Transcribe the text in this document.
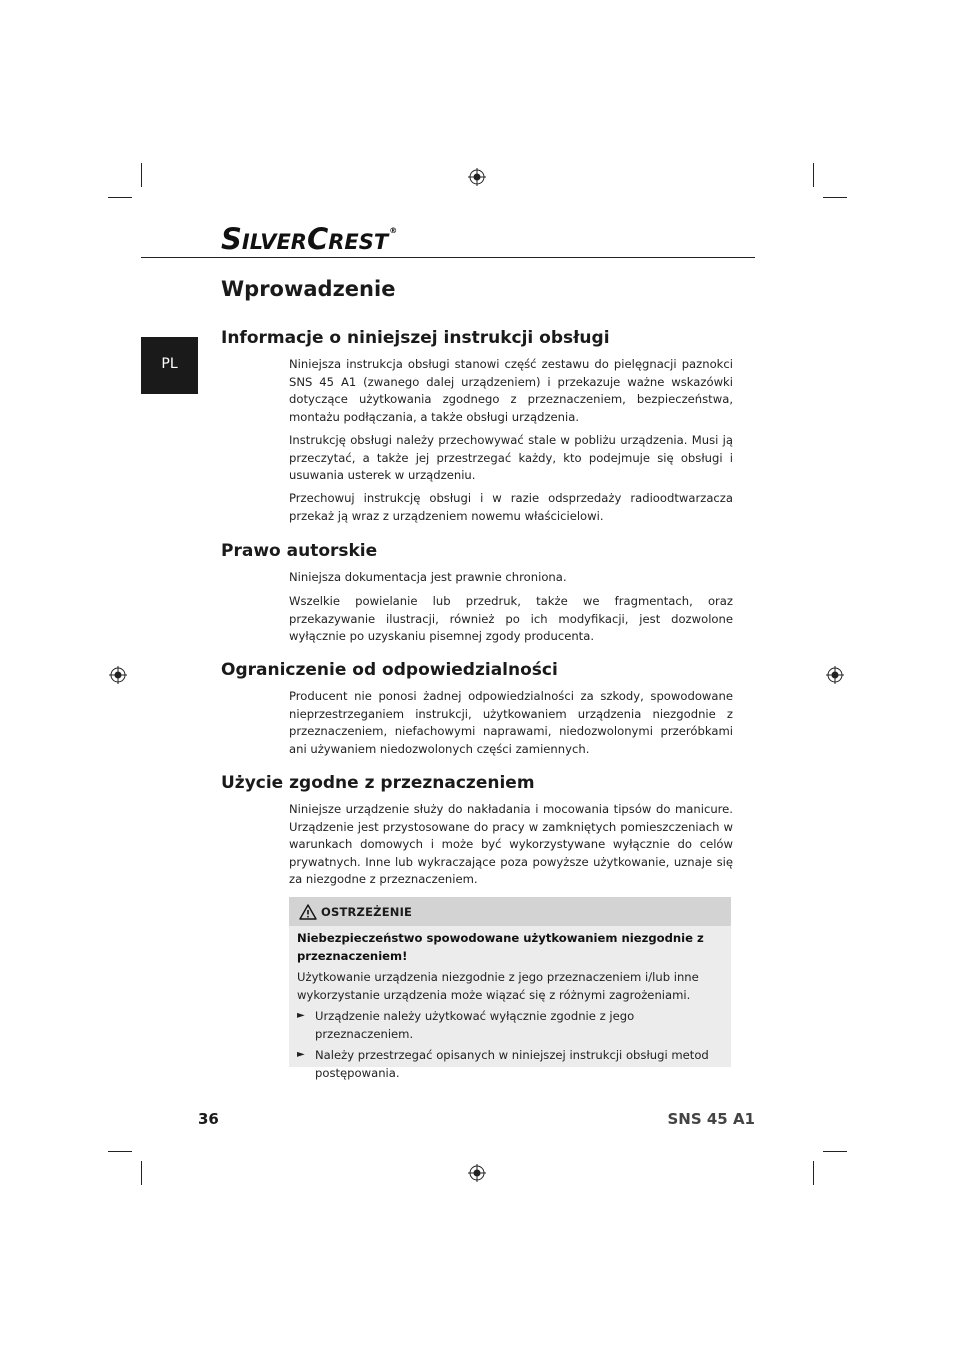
SILVERCREST®
PL
Wprowadzenie
Informacje o niniejszej instrukcji obsługi

Niniejsza instrukcja obsługi stanowi część zestawu do pielęgnacji paznokci SNS 45 A1 (zwanego dalej urządzeniem) i przekazuje ważne wskazówki dotyczące użytkowania zgodnego z przeznaczeniem, bezpieczeństwa, montażu podłączania, a także obsługi urządzenia.

Instrukcję obsługi należy przechowywać stale w pobliżu urządzenia. Musi ją przeczytać, a także jej przestrzegać każdy, kto podejmuje się obsługi i usuwania usterek w urządzeniu.

Przechowuj instrukcję obsługi i w razie odsprzedaży radioodtwarzacza przekaż ją wraz z urządzeniem nowemu właścicielowi.

Prawo autorskie

Niniejsza dokumentacja jest prawnie chroniona.

Wszelkie powielanie lub przedruk, także we fragmentach, oraz przekazywanie ilustracji, również po ich modyfikacji, jest dozwolone wyłącznie po uzyskaniu pisemnej zgody producenta.

Ograniczenie od odpowiedzialności

Producent nie ponosi żadnej odpowiedzialności za szkody, spowodowane nieprzestrzeganiem instrukcji, użytkowaniem urządzenia niezgodnie z przeznaczeniem, niefachowymi naprawami, niedozwolonymi przeróbkami ani używaniem niedozwolonych części zamiennych.

Użycie zgodne z przeznaczeniem

Niniejsze urządzenie służy do nakładania i mocowania tipsów do manicure. Urządzenie jest przystosowane do pracy w zamkniętych pomieszczeniach w warunkach domowych i może być wykorzystywane wyłącznie do celów prywatnych. Inne lub wykraczające poza powyższe użytkowanie, uznaje się za niezgodne z przeznaczeniem.

OSTRZEŻENIE

Niebezpieczeństwo spowodowane użytkowaniem niezgodnie z przeznaczeniem!

Użytkowanie urządzenia niezgodnie z jego przeznaczeniem i/lub inne wykorzystanie urządzenia może wiązać się z różnymi zagrożeniami.

► Urządzenie należy użytkować wyłącznie zgodnie z jego przeznaczeniem.
► Należy przestrzegać opisanych w niniejszej instrukcji obsługi metod postępowania.
36	SNS 45 A1
